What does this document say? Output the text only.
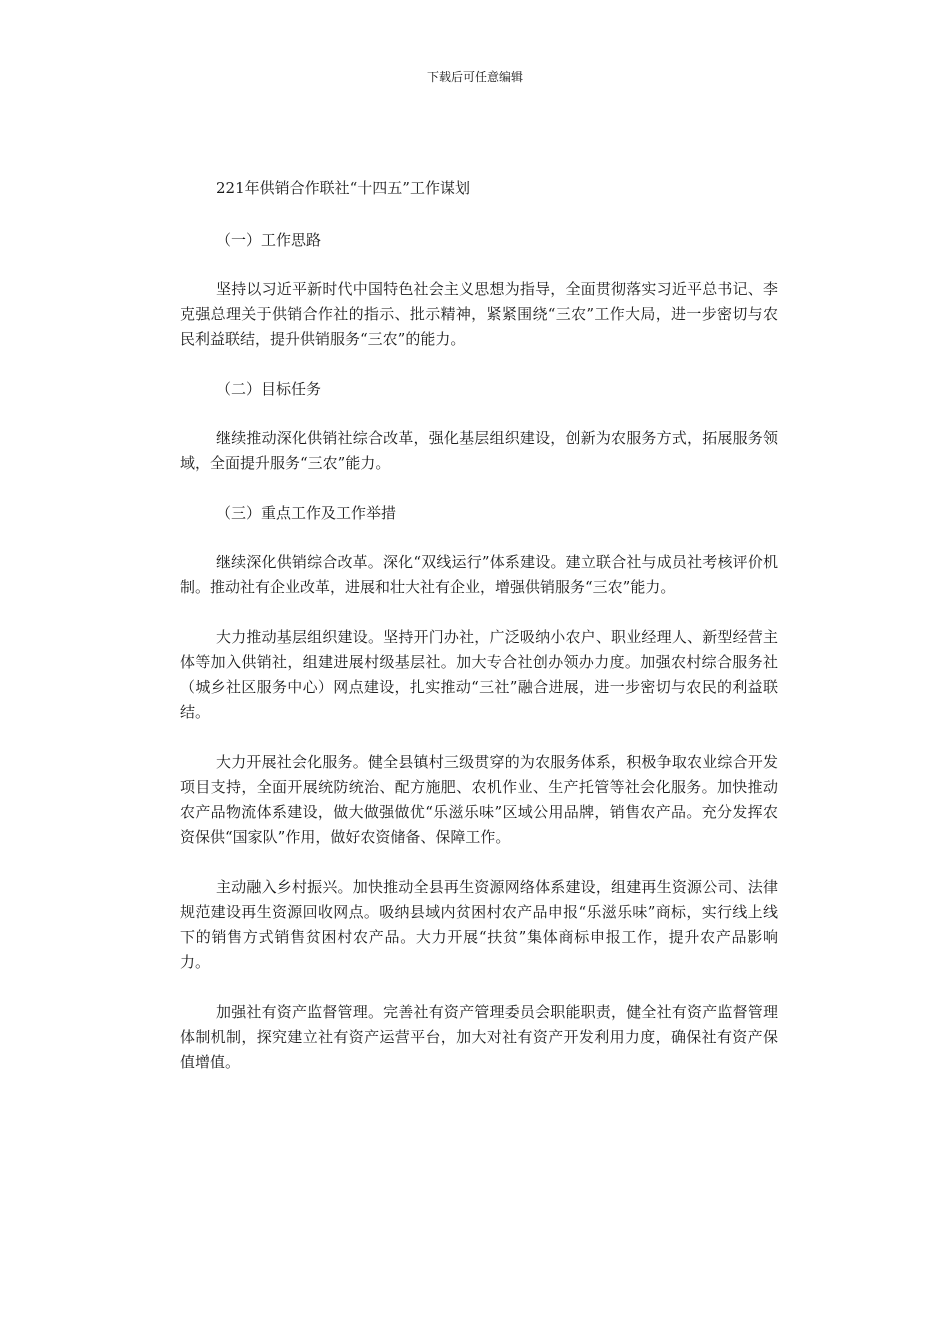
下载后可任意编辑
221年供销合作联社“十四五”工作谋划
（一）工作思路

坚持以习近平新时代中国特色社会主义思想为指导，全面贯彻落实习近平总书记、李克强总理关于供销合作社的指示、批示精神，紧紧围绕“三农”工作大局，进一步密切与农民利益联结，提升供销服务“三农”的能力。

（二）目标任务

继续推动深化供销社综合改革，强化基层组织建设，创新为农服务方式，拓展服务领域，全面提升服务“三农”能力。

（三）重点工作及工作举措

继续深化供销综合改革。深化“双线运行”体系建设。建立联合社与成员社考核评价机制。推动社有企业改革，进展和壮大社有企业，增强供销服务“三农”能力。

大力推动基层组织建设。坚持开门办社，广泛吸纳小农户、职业经理人、新型经营主体等加入供销社，组建进展村级基层社。加大专合社创办领办力度。加强农村综合服务社（城乡社区服务中心）网点建设，扎实推动“三社”融合进展，进一步密切与农民的利益联结。

大力开展社会化服务。健全县镇村三级贯穿的为农服务体系，积极争取农业综合开发项目支持，全面开展统防统治、配方施肥、农机作业、生产托管等社会化服务。加快推动农产品物流体系建设，做大做强做优“乐滋乐味”区域公用品牌，销售农产品。充分发挥农资保供“国家队”作用，做好农资储备、保障工作。

主动融入乡村振兴。加快推动全县再生资源网络体系建设，组建再生资源公司、法律规范建设再生资源回收网点。吸纳县域内贫困村农产品申报“乐滋乐味”商标，实行线上线下的销售方式销售贫困村农产品。大力开展“扶贫”集体商标申报工作，提升农产品影响力。

加强社有资产监督管理。完善社有资产管理委员会职能职责，健全社有资产监督管理体制机制，探究建立社有资产运营平台，加大对社有资产开发利用力度，确保社有资产保值增值。
